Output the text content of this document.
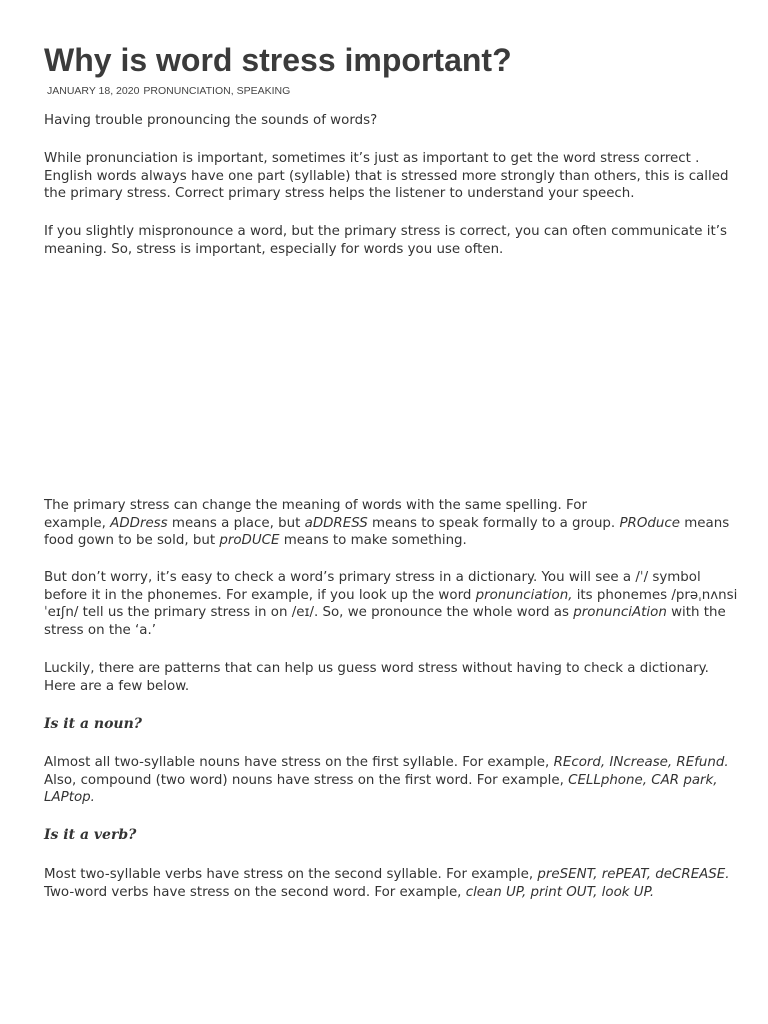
Why is word stress important?
JANUARY 18, 2020 PRONUNCIATION, SPEAKING

Having trouble pronouncing the sounds of words?

While pronunciation is important, sometimes it’s just as important to get the word stress correct .
English words always have one part (syllable) that is stressed more strongly than others, this is called
the primary stress. Correct primary stress helps the listener to understand your speech.

If you slightly mispronounce a word, but the primary stress is correct, you can often communicate it’s
meaning. So, stress is important, especially for words you use often.

The primary stress can change the meaning of words with the same spelling. For
example, ADDress means a place, but aDDRESS means to speak formally to a group. PROduce means
food gown to be sold, but proDUCE means to make something.

But don’t worry, it’s easy to check a word’s primary stress in a dictionary. You will see a /ˈ/ symbol
before it in the phonemes. For example, if you look up the word pronunciation, its phonemes /prəˌnʌnsi
ˈeɪʃn/ tell us the primary stress in on /eɪ/. So, we pronounce the whole word as pronunciAtion with the
stress on the ‘a.’

Luckily, there are patterns that can help us guess word stress without having to check a dictionary.
Here are a few below.

Is it a noun?

Almost all two-syllable nouns have stress on the first syllable. For example, REcord, INcrease, REfund.
Also, compound (two word) nouns have stress on the first word. For example, CELLphone, CAR park,
LAPtop.

Is it a verb?

Most two-syllable verbs have stress on the second syllable. For example, preSENT, rePEAT, deCREASE.
Two-word verbs have stress on the second word. For example, clean UP, print OUT, look UP.
